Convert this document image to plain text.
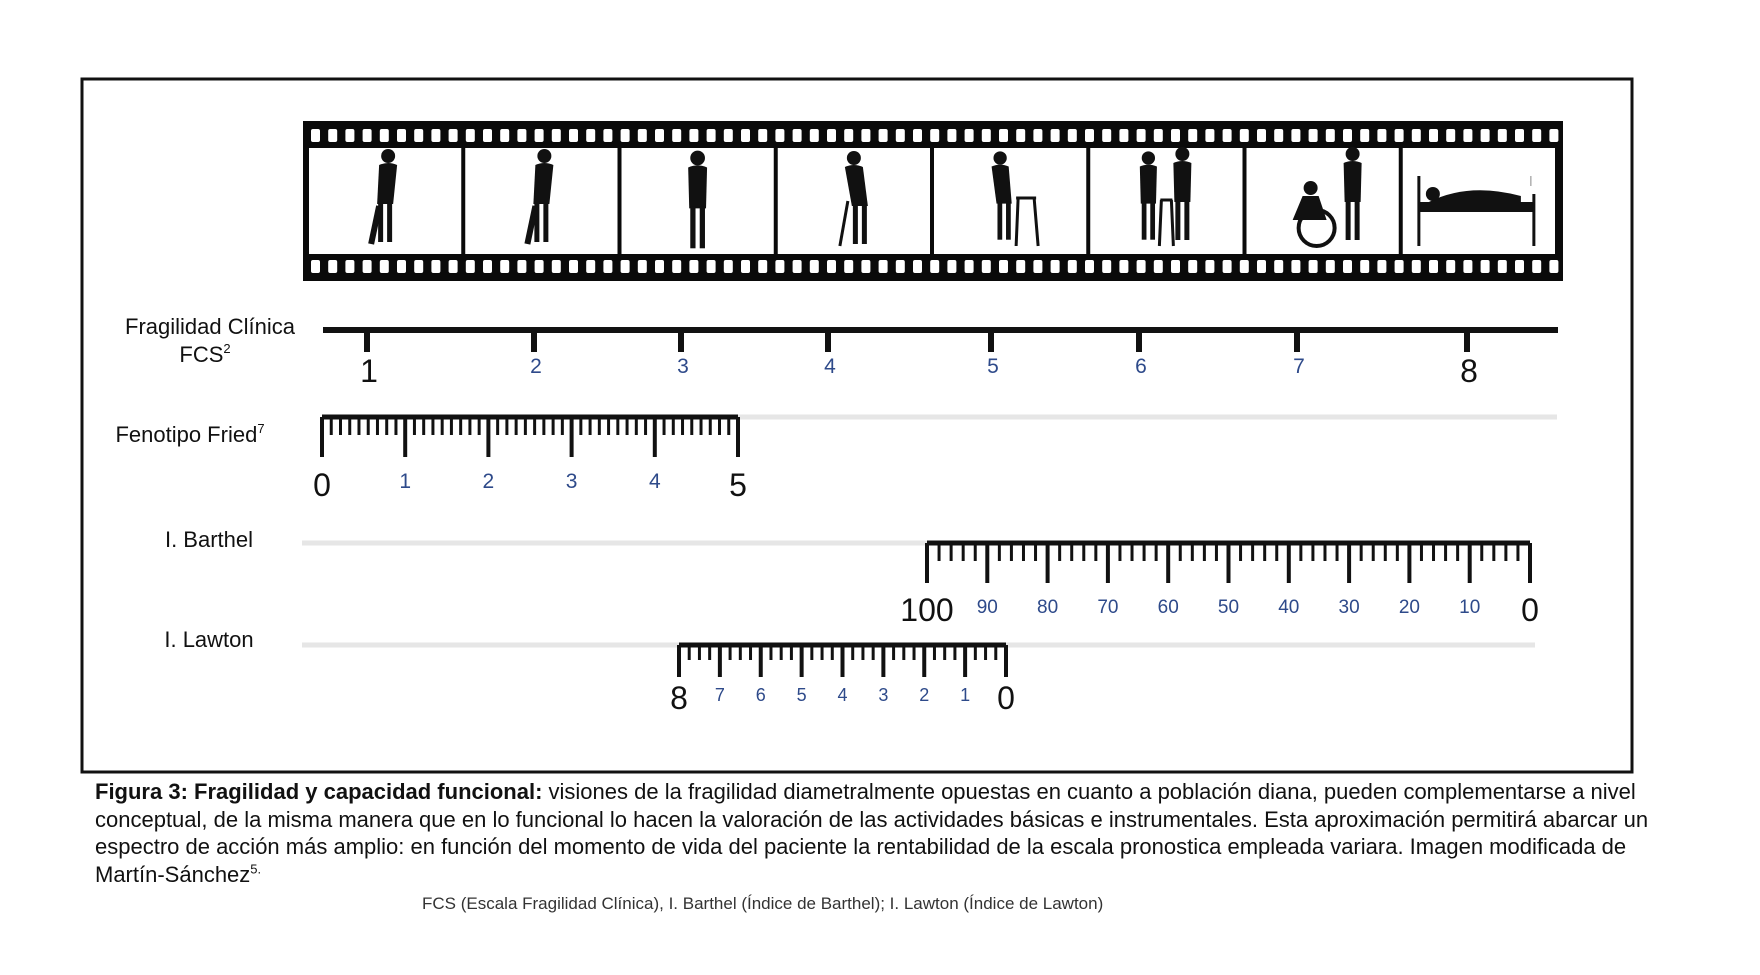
Fragilidad Clínica
FCS$^2$
1	2	3	4	5	6	7	8
Fenotipo Fried$^7$
0	1	2	3	4 5
I. Barthel
100 90 80 70 60 50 40 30 20 10 0
I. Lawton
8 7 6 5 4 3 2 1 0
Figura 3: Fragilidad y capacidad funcional: visiones de la fragilidad diametralmente opuestas en cuanto a población diana, pueden complementarse a nivel conceptual, de la misma manera que en lo funcional lo hacen la valoración de las actividades básicas e instrumentales. Esta aproximación permitirá abarcar un espectro de acción más amplio: en función del momento de vida del paciente la rentabilidad de la escala pronostica empleada variara. Imagen modificada de Martín-Sánchez$^{5.}$
FCS (Escala Fragilidad Clínica), I. Barthel (Índice de Barthel); I. Lawton (Índice de Lawton)
